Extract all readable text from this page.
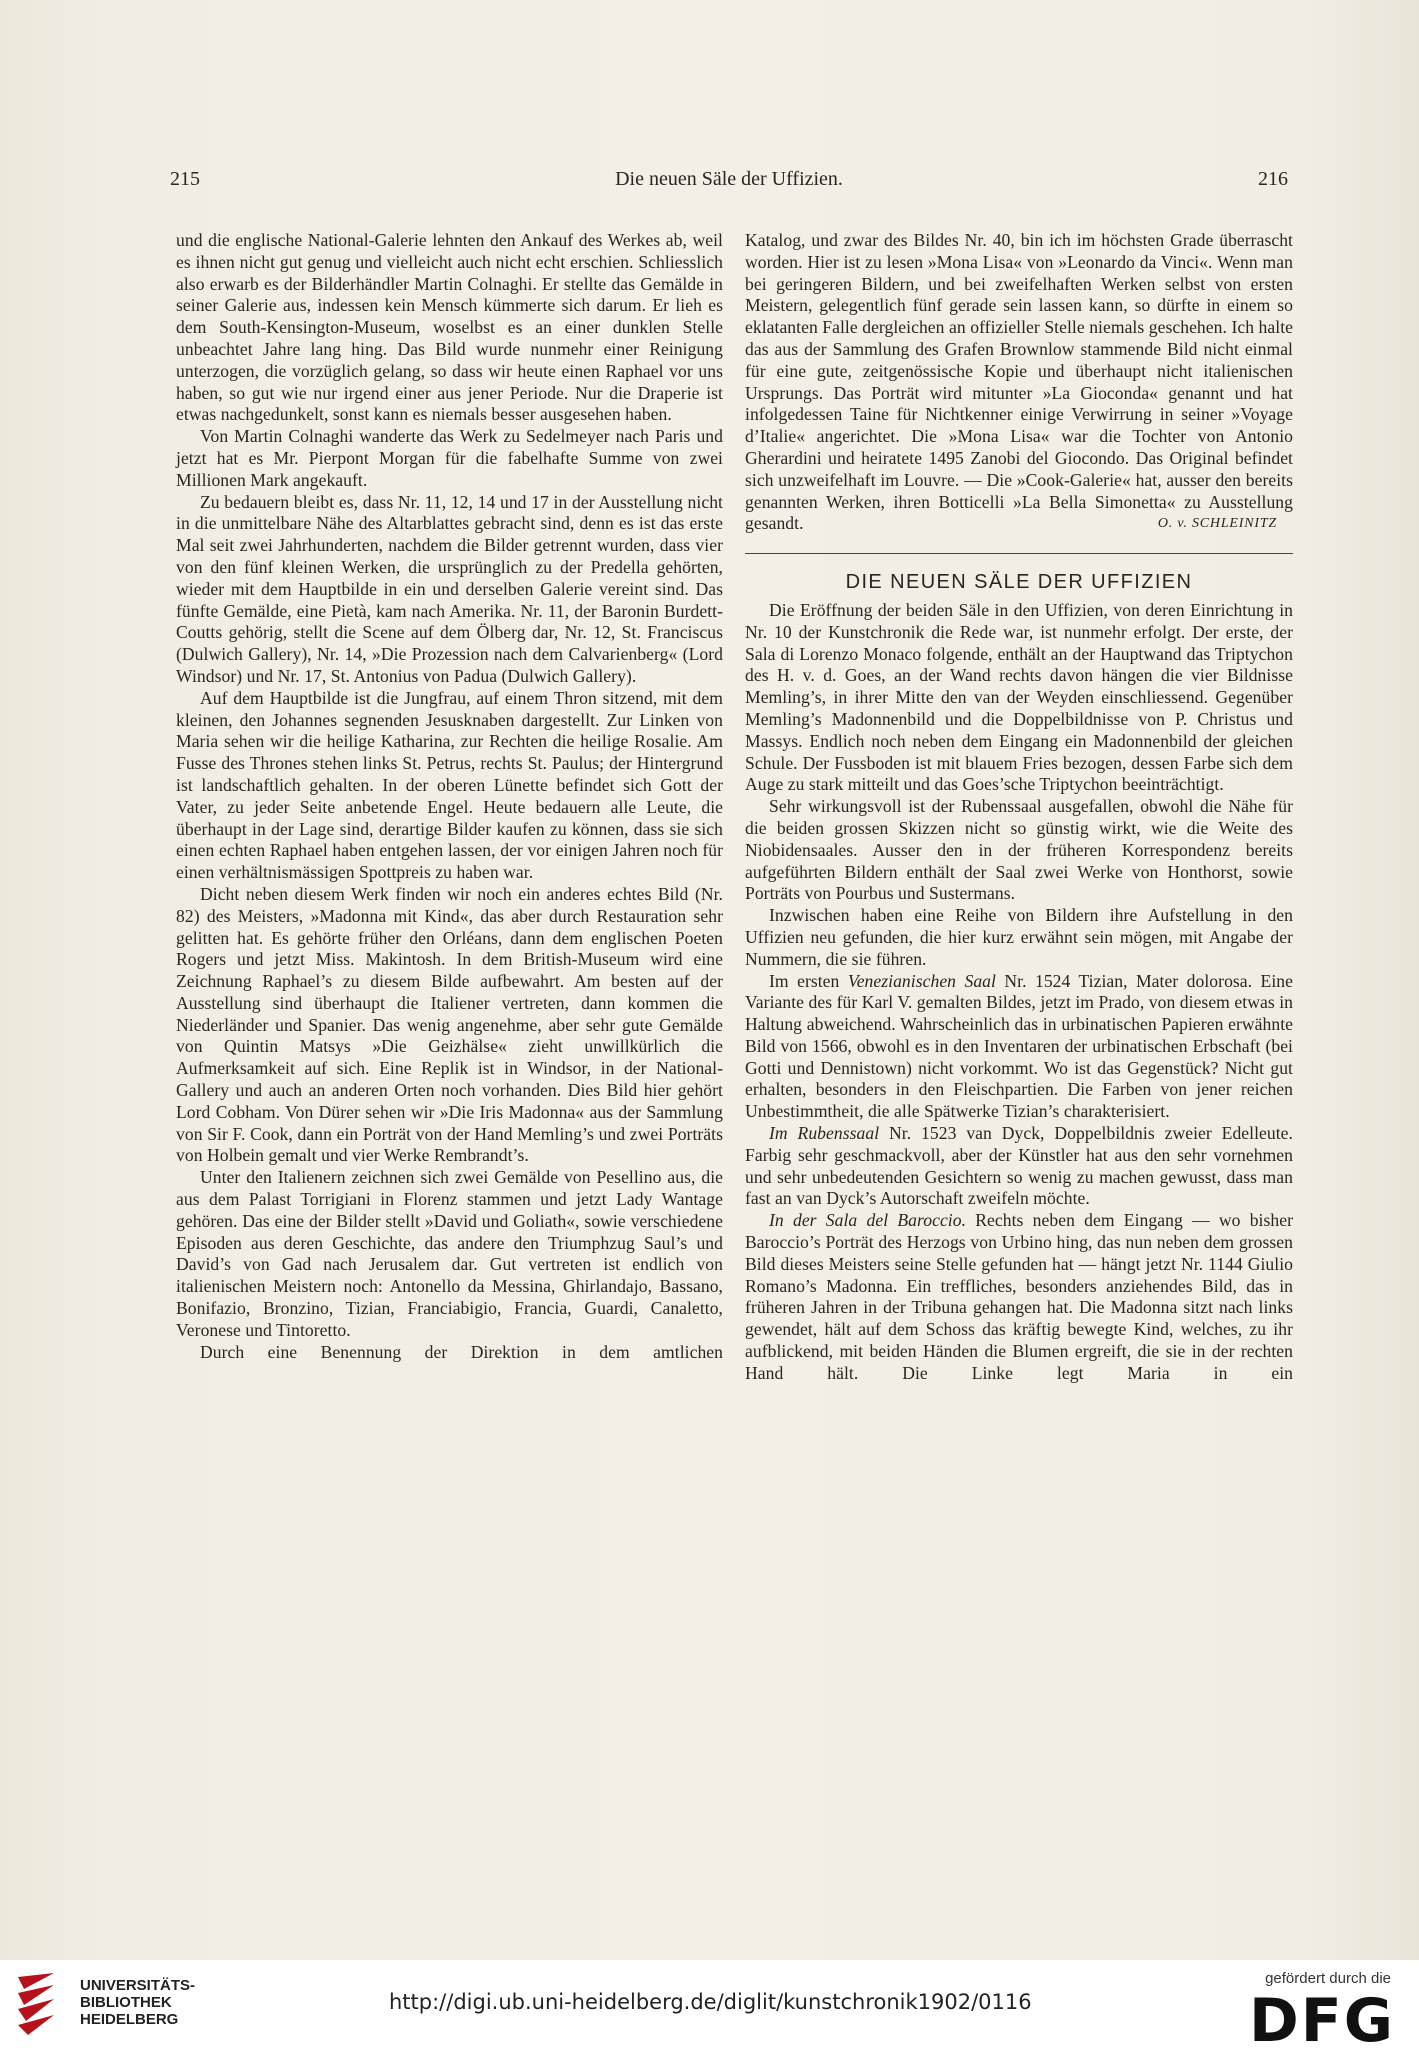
215	Die neuen Säle der Uffizien.	216

und die englische National-Galerie lehnten den Ankauf des Werkes ab, weil es ihnen nicht gut genug und vielleicht auch nicht echt erschien. Schliesslich also erwarb es der Bilderhändler Martin Colnaghi. Er stellte das Gemälde in seiner Galerie aus, indessen kein Mensch kümmerte sich darum. Er lieh es dem South-Kensington-Museum, woselbst es an einer dunklen Stelle unbeachtet Jahre lang hing. Das Bild wurde nunmehr einer Reinigung unterzogen, die vorzüglich gelang, so dass wir heute einen Raphael vor uns haben, so gut wie nur irgend einer aus jener Periode. Nur die Draperie ist etwas nachgedunkelt, sonst kann es niemals besser ausgesehen haben.

Von Martin Colnaghi wanderte das Werk zu Sedelmeyer nach Paris und jetzt hat es Mr. Pierpont Morgan für die fabelhafte Summe von zwei Millionen Mark angekauft.

Zu bedauern bleibt es, dass Nr. 11, 12, 14 und 17 in der Ausstellung nicht in die unmittelbare Nähe des Altarblattes gebracht sind, denn es ist das erste Mal seit zwei Jahrhunderten, nachdem die Bilder getrennt wurden, dass vier von den fünf kleinen Werken, die ursprünglich zu der Predella gehörten, wieder mit dem Hauptbilde in ein und derselben Galerie vereint sind. Das fünfte Gemälde, eine Pietà, kam nach Amerika. Nr. 11, der Baronin Burdett-Coutts gehörig, stellt die Scene auf dem Ölberg dar, Nr. 12, St. Franciscus (Dulwich Gallery), Nr. 14, »Die Prozession nach dem Calvarienberg« (Lord Windsor) und Nr. 17, St. Antonius von Padua (Dulwich Gallery).

Auf dem Hauptbilde ist die Jungfrau, auf einem Thron sitzend, mit dem kleinen, den Johannes segnenden Jesusknaben dargestellt. Zur Linken von Maria sehen wir die heilige Katharina, zur Rechten die heilige Rosalie. Am Fusse des Thrones stehen links St. Petrus, rechts St. Paulus; der Hintergrund ist landschaftlich gehalten. In der oberen Lünette befindet sich Gott der Vater, zu jeder Seite anbetende Engel. Heute bedauern alle Leute, die überhaupt in der Lage sind, derartige Bilder kaufen zu können, dass sie sich einen echten Raphael haben entgehen lassen, der vor einigen Jahren noch für einen verhältnismässigen Spottpreis zu haben war.

Dicht neben diesem Werk finden wir noch ein anderes echtes Bild (Nr. 82) des Meisters, »Madonna mit Kind«, das aber durch Restauration sehr gelitten hat. Es gehörte früher den Orléans, dann dem englischen Poeten Rogers und jetzt Miss. Makintosh. In dem British-Museum wird eine Zeichnung Raphael’s zu diesem Bilde aufbewahrt. Am besten auf der Ausstellung sind überhaupt die Italiener vertreten, dann kommen die Niederländer und Spanier. Das wenig angenehme, aber sehr gute Gemälde von Quintin Matsys »Die Geizhälse« zieht unwillkürlich die Aufmerksamkeit auf sich. Eine Replik ist in Windsor, in der National-Gallery und auch an anderen Orten noch vorhanden. Dies Bild hier gehört Lord Cobham. Von Dürer sehen wir »Die Iris Madonna« aus der Sammlung von Sir F. Cook, dann ein Porträt von der Hand Memling’s und zwei Porträts von Holbein gemalt und vier Werke Rembrandt’s.

Unter den Italienern zeichnen sich zwei Gemälde von Pesellino aus, die aus dem Palast Torrigiani in Florenz stammen und jetzt Lady Wantage gehören. Das eine der Bilder stellt »David und Goliath«, sowie verschiedene Episoden aus deren Geschichte, das andere den Triumphzug Saul’s und David’s von Gad nach Jerusalem dar. Gut vertreten ist endlich von italienischen Meistern noch: Antonello da Messina, Ghirlandajo, Bassano, Bonifazio, Bronzino, Tizian, Franciabigio, Francia, Guardi, Canaletto, Veronese und Tintoretto.

Durch eine Benennung der Direktion in dem amtlichen

Katalog, und zwar des Bildes Nr. 40, bin ich im höchsten Grade überrascht worden. Hier ist zu lesen »Mona Lisa« von »Leonardo da Vinci«. Wenn man bei geringeren Bildern, und bei zweifelhaften Werken selbst von ersten Meistern, gelegentlich fünf gerade sein lassen kann, so dürfte in einem so eklatanten Falle dergleichen an offizieller Stelle niemals geschehen. Ich halte das aus der Sammlung des Grafen Brownlow stammende Bild nicht einmal für eine gute, zeitgenössische Kopie und überhaupt nicht italienischen Ursprungs. Das Porträt wird mitunter »La Gioconda« genannt und hat infolgedessen Taine für Nichtkenner einige Verwirrung in seiner »Voyage d’Italie« angerichtet. Die »Mona Lisa« war die Tochter von Antonio Gherardini und heiratete 1495 Zanobi del Giocondo. Das Original befindet sich unzweifelhaft im Louvre. — Die »Cook-Galerie« hat, ausser den bereits genannten Werken, ihren Botticelli »La Bella Simonetta« zu Ausstellung gesandt.	O. v. SCHLEINITZ
DIE NEUEN SÄLE DER UFFIZIEN

Die Eröffnung der beiden Säle in den Uffizien, von deren Einrichtung in Nr. 10 der Kunstchronik die Rede war, ist nunmehr erfolgt. Der erste, der Sala di Lorenzo Monaco folgende, enthält an der Hauptwand das Triptychon des H. v. d. Goes, an der Wand rechts davon hängen die vier Bildnisse Memling’s, in ihrer Mitte den van der Weyden einschliessend. Gegenüber Memling’s Madonnenbild und die Doppelbildnisse von P. Christus und Massys. Endlich noch neben dem Eingang ein Madonnenbild der gleichen Schule. Der Fussboden ist mit blauem Fries bezogen, dessen Farbe sich dem Auge zu stark mitteilt und das Goes’sche Triptychon beeinträchtigt.

Sehr wirkungsvoll ist der Rubenssaal ausgefallen, obwohl die Nähe für die beiden grossen Skizzen nicht so günstig wirkt, wie die Weite des Niobidensaales. Ausser den in der früheren Korrespondenz bereits aufgeführten Bildern enthält der Saal zwei Werke von Honthorst, sowie Porträts von Pourbus und Sustermans.

Inzwischen haben eine Reihe von Bildern ihre Aufstellung in den Uffizien neu gefunden, die hier kurz erwähnt sein mögen, mit Angabe der Nummern, die sie führen.

Im ersten Venezianischen Saal Nr. 1524 Tizian, Mater dolorosa. Eine Variante des für Karl V. gemalten Bildes, jetzt im Prado, von diesem etwas in Haltung abweichend. Wahrscheinlich das in urbinatischen Papieren erwähnte Bild von 1566, obwohl es in den Inventaren der urbinatischen Erbschaft (bei Gotti und Dennistown) nicht vorkommt. Wo ist das Gegenstück? Nicht gut erhalten, besonders in den Fleischpartien. Die Farben von jener reichen Unbestimmtheit, die alle Spätwerke Tizian’s charakterisiert.

Im Rubenssaal Nr. 1523 van Dyck, Doppelbildnis zweier Edelleute. Farbig sehr geschmackvoll, aber der Künstler hat aus den sehr vornehmen und sehr unbedeutenden Gesichtern so wenig zu machen gewusst, dass man fast an van Dyck’s Autorschaft zweifeln möchte.

In der Sala del Baroccio. Rechts neben dem Eingang — wo bisher Baroccio’s Porträt des Herzogs von Urbino hing, das nun neben dem grossen Bild dieses Meisters seine Stelle gefunden hat — hängt jetzt Nr. 1144 Giulio Romano’s Madonna. Ein treffliches, besonders anziehendes Bild, das in früheren Jahren in der Tribuna gehangen hat. Die Madonna sitzt nach links gewendet, hält auf dem Schoss das kräftig bewegte Kind, welches, zu ihr aufblickend, mit beiden Händen die Blumen ergreift, die sie in der rechten Hand hält. Die Linke legt Maria in ein

UNIVERSITÄTS-
BIBLIOTHEK
HEIDELBERG
http://digi.ub.uni-heidelberg.de/diglit/kunstchronik1902/0116
gefördert durch die
DFG
